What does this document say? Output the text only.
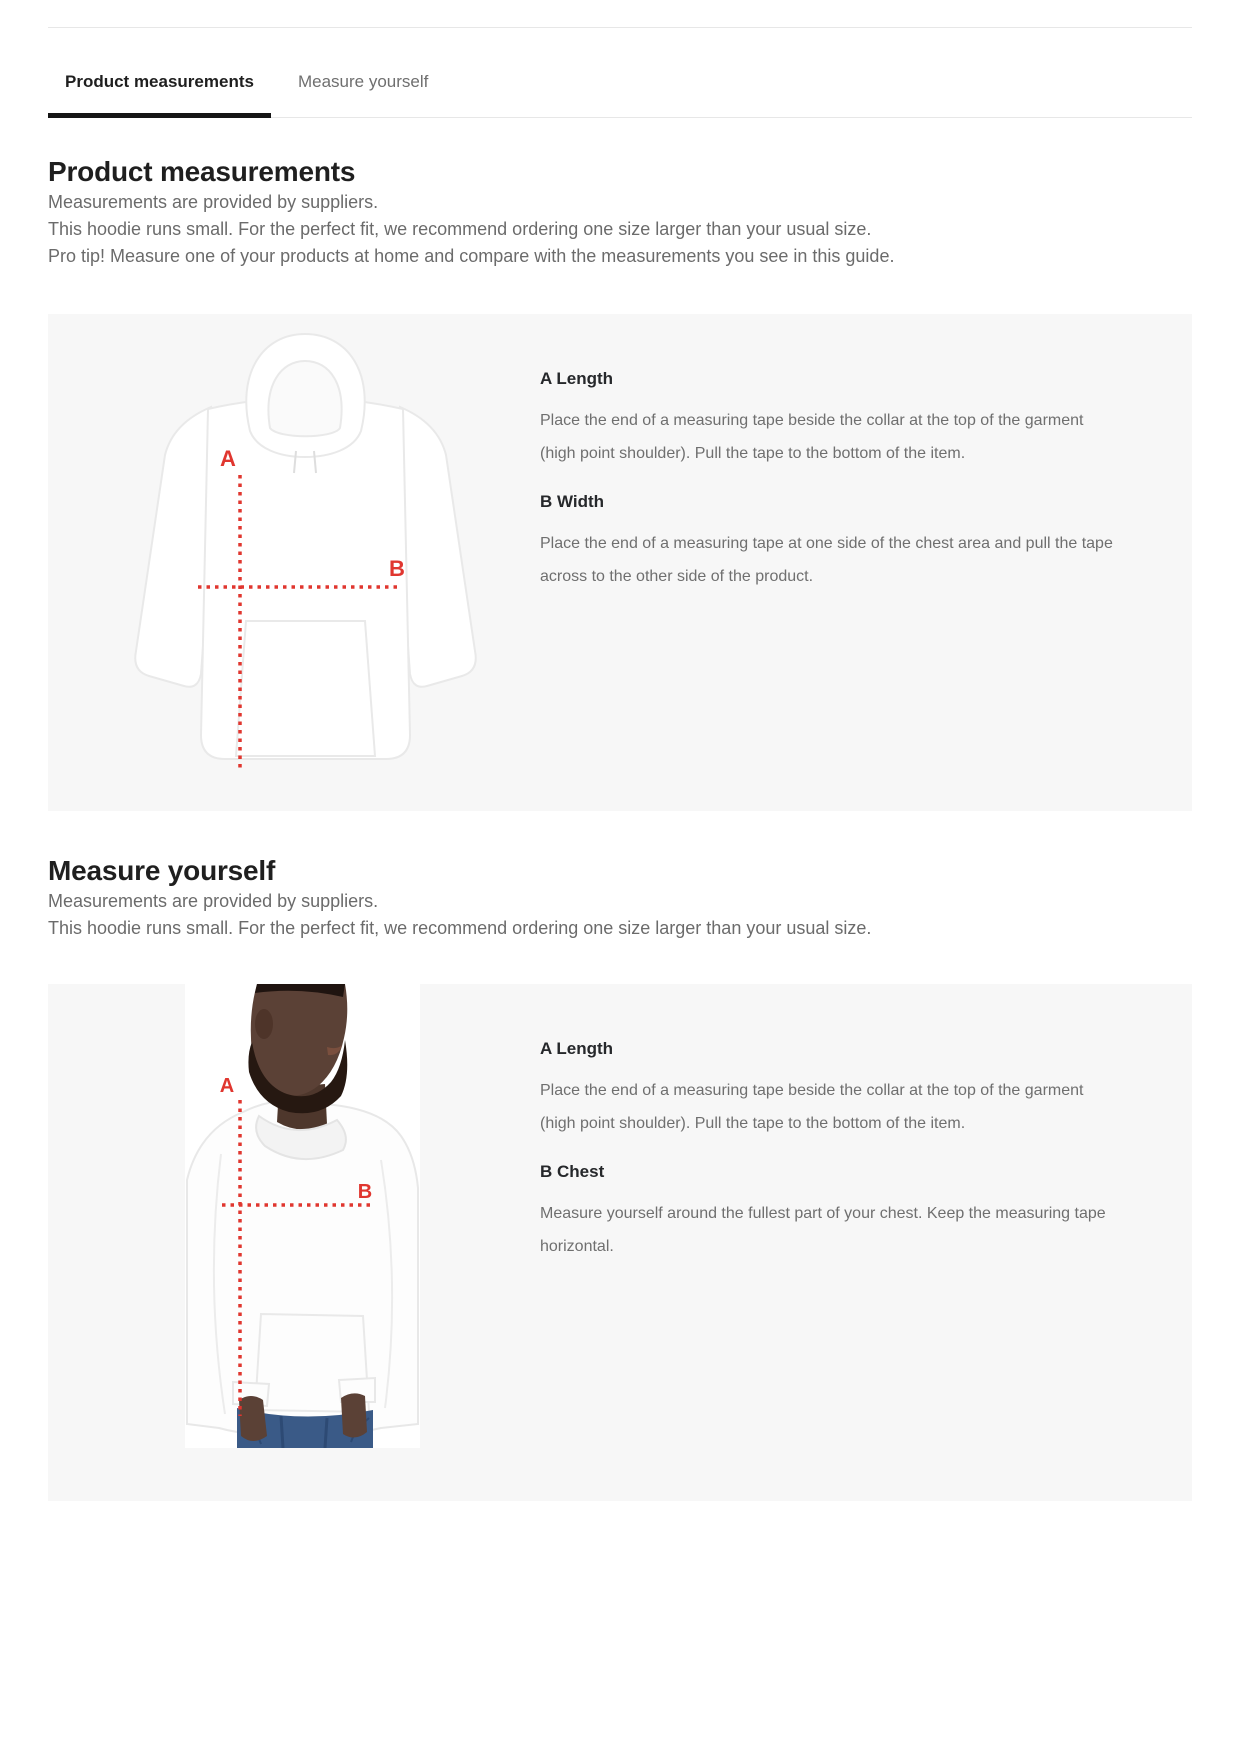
Product measurements	Measure yourself
Product measurements

Measurements are provided by suppliers.

This hoodie runs small. For the perfect fit, we recommend ordering one size larger than your usual size.

Pro tip! Measure one of your products at home and compare with the measurements you see in this guide.

A
B
A Length

Place the end of a measuring tape beside the collar at the top of the garment (high point shoulder). Pull the tape to the bottom of the item.

B Width

Place the end of a measuring tape at one side of the chest area and pull the tape across to the other side of the product.

Measure yourself

Measurements are provided by suppliers.

This hoodie runs small. For the perfect fit, we recommend ordering one size larger than your usual size.

A
B
A Length

Place the end of a measuring tape beside the collar at the top of the garment (high point shoulder). Pull the tape to the bottom of the item.

B Chest

Measure yourself around the fullest part of your chest. Keep the measuring tape horizontal.
